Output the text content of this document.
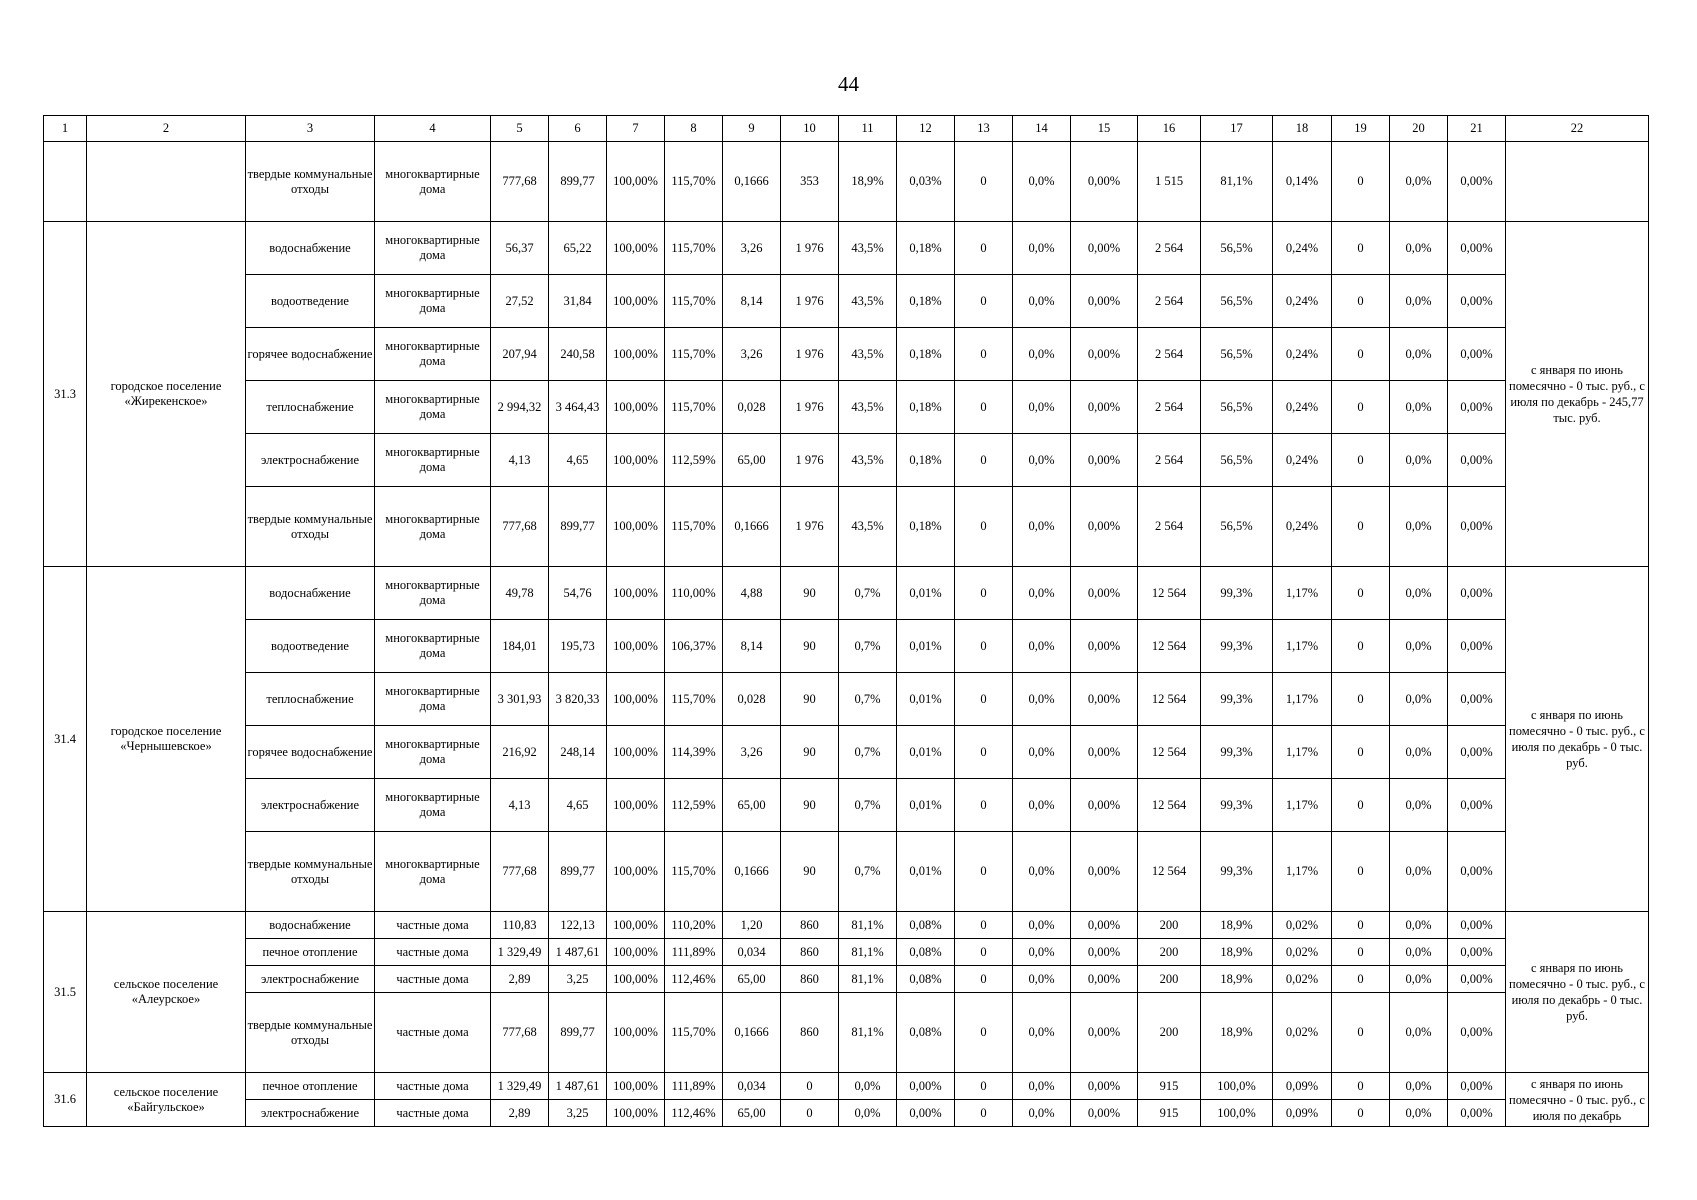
44
1	2	3	4	5	6	7	8	9	10	11	12	13	14	15	16	17	18	19	20	21	22
		твердые коммунальные отходы	многоквартирные дома	777,68	899,77	100,00%	115,70%	0,1666	353	18,9%	0,03%	0	0,0%	0,00%	1 515	81,1%	0,14%	0	0,0%	0,00%	

31.3	городское поселение «Жирекенское»	водоснабжение	многоквартирные дома	56,37	65,22	100,00%	115,70%	3,26	1 976	43,5%	0,18%	0	0,0%	0,00%	2 564	56,5%	0,24%	0	0,0%	0,00%	с января по июнь помесячно - 0 тыс. руб., с июля по декабрь - 245,77 тыс. руб.

		водоотведение	многоквартирные дома	27,52	31,84	100,00%	115,70%	8,14	1 976	43,5%	0,18%	0	0,0%	0,00%	2 564	56,5%	0,24%	0	0,0%	0,00%	
		горячее водоснабжение	многоквартирные дома	207,94	240,58	100,00%	115,70%	3,26	1 976	43,5%	0,18%	0	0,0%	0,00%	2 564	56,5%	0,24%	0	0,0%	0,00%	
		теплоснабжение	многоквартирные дома	2 994,32	3 464,43	100,00%	115,70%	0,028	1 976	43,5%	0,18%	0	0,0%	0,00%	2 564	56,5%	0,24%	0	0,0%	0,00%	
		электроснабжение	многоквартирные дома	4,13	4,65	100,00%	112,59%	65,00	1 976	43,5%	0,18%	0	0,0%	0,00%	2 564	56,5%	0,24%	0	0,0%	0,00%	
		твердые коммунальные отходы	многоквартирные дома	777,68	899,77	100,00%	115,70%	0,1666	1 976	43,5%	0,18%	0	0,0%	0,00%	2 564	56,5%	0,24%	0	0,0%	0,00%	
31.4	городское поселение «Чернышевское»	водоснабжение	многоквартирные дома	49,78	54,76	100,00%	110,00%	4,88	90	0,7%	0,01%	0	0,0%	0,00%	12 564	99,3%	1,17%	0	0,0%	0,00%	с января по июнь помесячно - 0 тыс. руб., с июля по декабрь - 0 тыс. руб.

		водоотведение	многоквартирные дома	184,01	195,73	100,00%	106,37%	8,14	90	0,7%	0,01%	0	0,0%	0,00%	12 564	99,3%	1,17%	0	0,0%	0,00%	
		теплоснабжение	многоквартирные дома	3 301,93	3 820,33	100,00%	115,70%	0,028	90	0,7%	0,01%	0	0,0%	0,00%	12 564	99,3%	1,17%	0	0,0%	0,00%	
		горячее водоснабжение	многоквартирные дома	216,92	248,14	100,00%	114,39%	3,26	90	0,7%	0,01%	0	0,0%	0,00%	12 564	99,3%	1,17%	0	0,0%	0,00%	
		электроснабжение	многоквартирные дома	4,13	4,65	100,00%	112,59%	65,00	90	0,7%	0,01%	0	0,0%	0,00%	12 564	99,3%	1,17%	0	0,0%	0,00%	
		твердые коммунальные отходы	многоквартирные дома	777,68	899,77	100,00%	115,70%	0,1666	90	0,7%	0,01%	0	0,0%	0,00%	12 564	99,3%	1,17%	0	0,0%	0,00%	
31.5	сельское поселение «Алеурское»	водоснабжение	частные дома	110,83	122,13	100,00%	110,20%	1,20	860	81,1%	0,08%	0	0,0%	0,00%	200	18,9%	0,02%	0	0,0%	0,00%	с января по июнь помесячно - 0 тыс. руб., с июля по декабрь - 0 тыс. руб.

		печное отопление	частные дома	1 329,49	1 487,61	100,00%	111,89%	0,034	860	81,1%	0,08%	0	0,0%	0,00%	200	18,9%	0,02%	0	0,0%	0,00%	
		электроснабжение	частные дома	2,89	3,25	100,00%	112,46%	65,00	860	81,1%	0,08%	0	0,0%	0,00%	200	18,9%	0,02%	0	0,0%	0,00%	
		твердые коммунальные отходы	частные дома	777,68	899,77	100,00%	115,70%	0,1666	860	81,1%	0,08%	0	0,0%	0,00%	200	18,9%	0,02%	0	0,0%	0,00%	
31.6	сельское поселение «Байгульское»	печное отопление	частные дома	1 329,49	1 487,61	100,00%	111,89%	0,034	0	0,0%	0,00%	0	0,0%	0,00%	915	100,0%	0,09%	0	0,0%	0,00%	с января по июнь помесячно - 0 тыс. руб., с июля по декабрь

		электроснабжение	частные дома	2,89	3,25	100,00%	112,46%	65,00	0	0,0%	0,00%	0	0,0%	0,00%	915	100,0%	0,09%	0	0,0%	0,00%	
